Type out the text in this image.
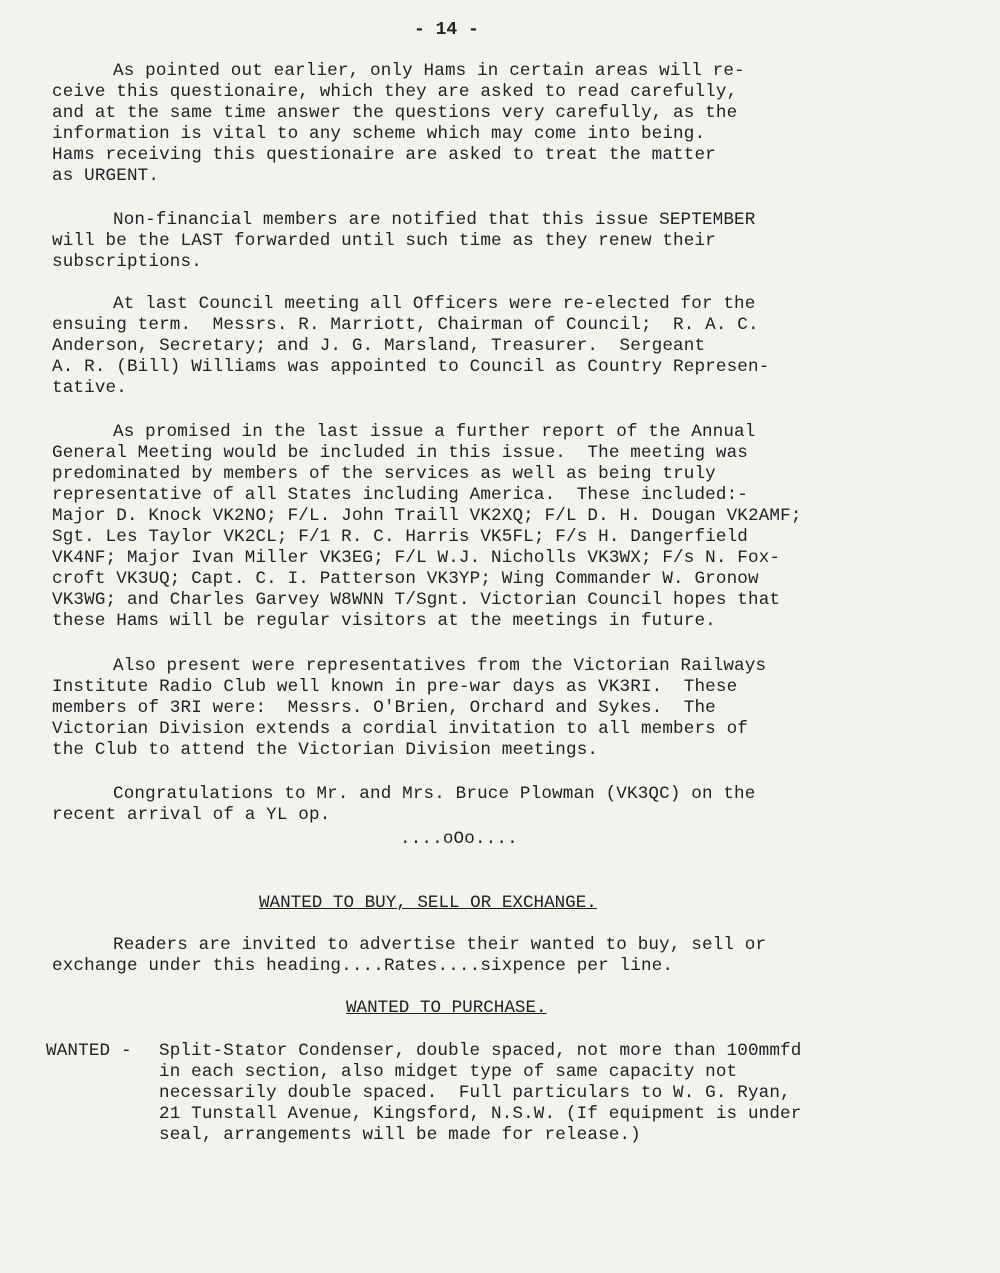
- 14 -
As pointed out earlier, only Hams in certain areas will re-
ceive this questionaire, which they are asked to read carefully,
and at the same time answer the questions very carefully, as the
information is vital to any scheme which may come into being.
Hams receiving this questionaire are asked to treat the matter
as URGENT.
Non-financial members are notified that this issue SEPTEMBER
will be the LAST forwarded until such time as they renew their
subscriptions.
At last Council meeting all Officers were re-elected for the
ensuing term.  Messrs. R. Marriott, Chairman of Council;  R. A. C.
Anderson, Secretary; and J. G. Marsland, Treasurer.  Sergeant
A. R. (Bill) Williams was appointed to Council as Country Represen-
tative.
As promised in the last issue a further report of the Annual
General Meeting would be included in this issue.  The meeting was
predominated by members of the services as well as being truly
representative of all States including America.  These included:-
Major D. Knock VK2NO; F/L. John Traill VK2XQ; F/L D. H. Dougan VK2AMF;
Sgt. Les Taylor VK2CL; F/1 R. C. Harris VK5FL; F/s H. Dangerfield
VK4NF; Major Ivan Miller VK3EG; F/L W.J. Nicholls VK3WX; F/s N. Fox-
croft VK3UQ; Capt. C. I. Patterson VK3YP; Wing Commander W. Gronow
VK3WG; and Charles Garvey W8WNN T/Sgnt. Victorian Council hopes that
these Hams will be regular visitors at the meetings in future.
Also present were representatives from the Victorian Railways
Institute Radio Club well known in pre-war days as VK3RI.  These
members of 3RI were:  Messrs. O'Brien, Orchard and Sykes.  The
Victorian Division extends a cordial invitation to all members of
the Club to attend the Victorian Division meetings.
Congratulations to Mr. and Mrs. Bruce Plowman (VK3QC) on the
recent arrival of a YL op.
....oOo....
WANTED TO BUY, SELL OR EXCHANGE.
Readers are invited to advertise their wanted to buy, sell or
exchange under this heading....Rates....sixpence per line.
WANTED TO PURCHASE.
WANTED - Split-Stator Condenser, double spaced, not more than 100mmfd
in each section, also midget type of same capacity not
necessarily double spaced.  Full particulars to W. G. Ryan,
21 Tunstall Avenue, Kingsford, N.S.W. (If equipment is under
seal, arrangements will be made for release.)
